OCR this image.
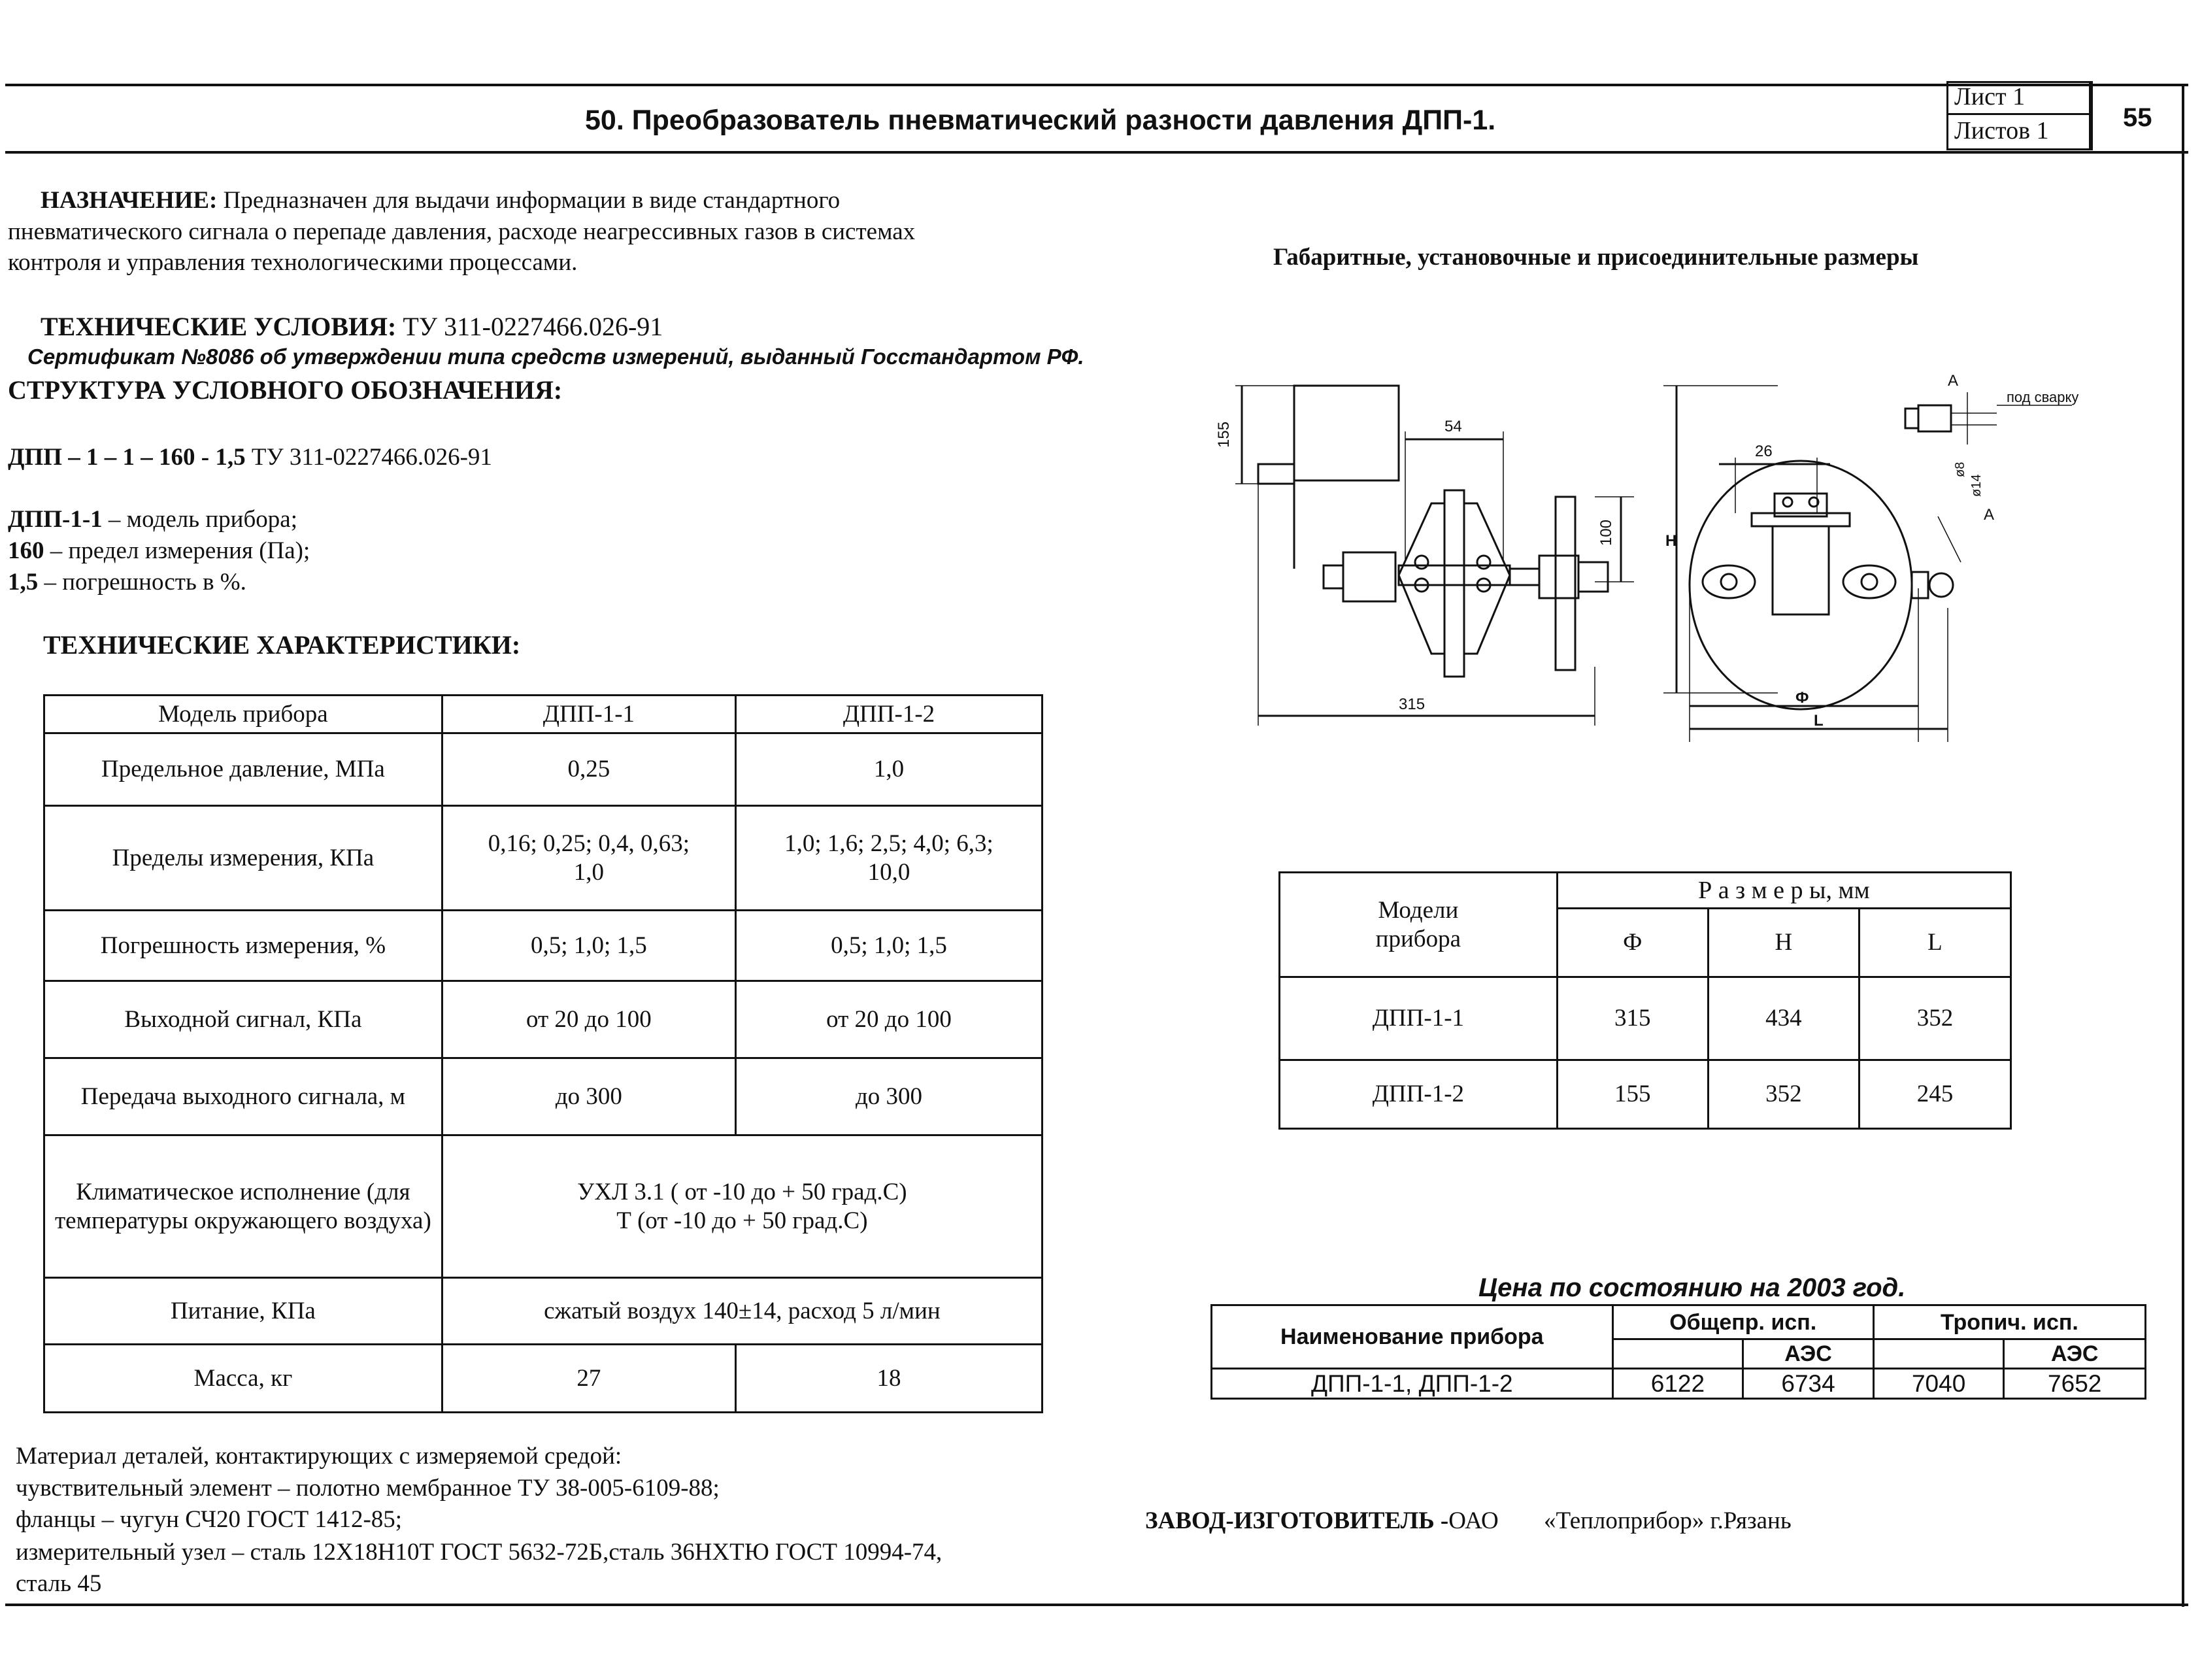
50. Преобразователь пневматический разности давления ДПП-1.
Лист 1
Листов 1	55
НАЗНАЧЕНИЕ: Предназначен для выдачи информации в виде стандартного
пневматического сигнала о перепаде давления, расходе неагрессивных газов в системах
контроля и управления технологическими процессами.
ТЕХНИЧЕСКИЕ УСЛОВИЯ: ТУ 311-0227466.026-91
Сертификат №8086 об утверждении типа средств измерений, выданный Госстандартом РФ.
СТРУКТУРА УСЛОВНОГО ОБОЗНАЧЕНИЯ:
ДПП – 1 – 1 – 160 - 1,5 ТУ 311-0227466.026-91
ДПП-1-1 – модель прибора;
160 – предел измерения (Па);
1,5 – погрешность в %.
ТЕХНИЧЕСКИЕ ХАРАКТЕРИСТИКИ:
Модель прибора	ДПП-1-1	ДПП-1-2
Предельное давление, МПа	0,25	1,0
Пределы измерения, КПа	0,16; 0,25; 0,4, 0,63; 1,0	1,0; 1,6; 2,5; 4,0; 6,3; 10,0
Погрешность измерения, %	0,5; 1,0; 1,5	0,5; 1,0; 1,5
Выходной сигнал, КПа	от 20 до 100	от 20 до 100
Передача выходного сигнала, м	до 300	до 300
Климатическое исполнение (для температуры окружающего воздуха)	УХЛ 3.1 ( от -10 до + 50 град.С)
Т (от -10 до + 50 град.С)	

Питание, КПа	сжатый воздух 140±14, расход 5 л/мин	
Масса, кг	27	18
Материал деталей, контактирующих с измеряемой средой:
чувствительный элемент – полотно мембранное ТУ 38-005-6109-88;
фланцы – чугун СЧ20 ГОСТ 1412-85;
измерительный узел – сталь 12Х18Н10Т ГОСТ 5632-72Б,сталь 36НХТЮ ГОСТ 10994-74,
сталь 45
Габаритные, установочные и присоединительные размеры
155	54
100
315
26
H
Ф
L
A
A
под сварку
ø8
ø14
Модели прибора	Р а з м е р ы, мм		
	Ф	H	L
ДПП-1-1	315	434	352
ДПП-1-2	155	352	245
Цена по состоянию на 2003 год.
Наименование прибора	Общепр. исп.		Тропич. исп.	
		АЭС		АЭС
ДПП-1-1, ДПП-1-2	6122	6734	7040	7652
ЗАВОД-ИЗГОТОВИТЕЛЬ -ОАО «Теплоприбор» г.Рязань
